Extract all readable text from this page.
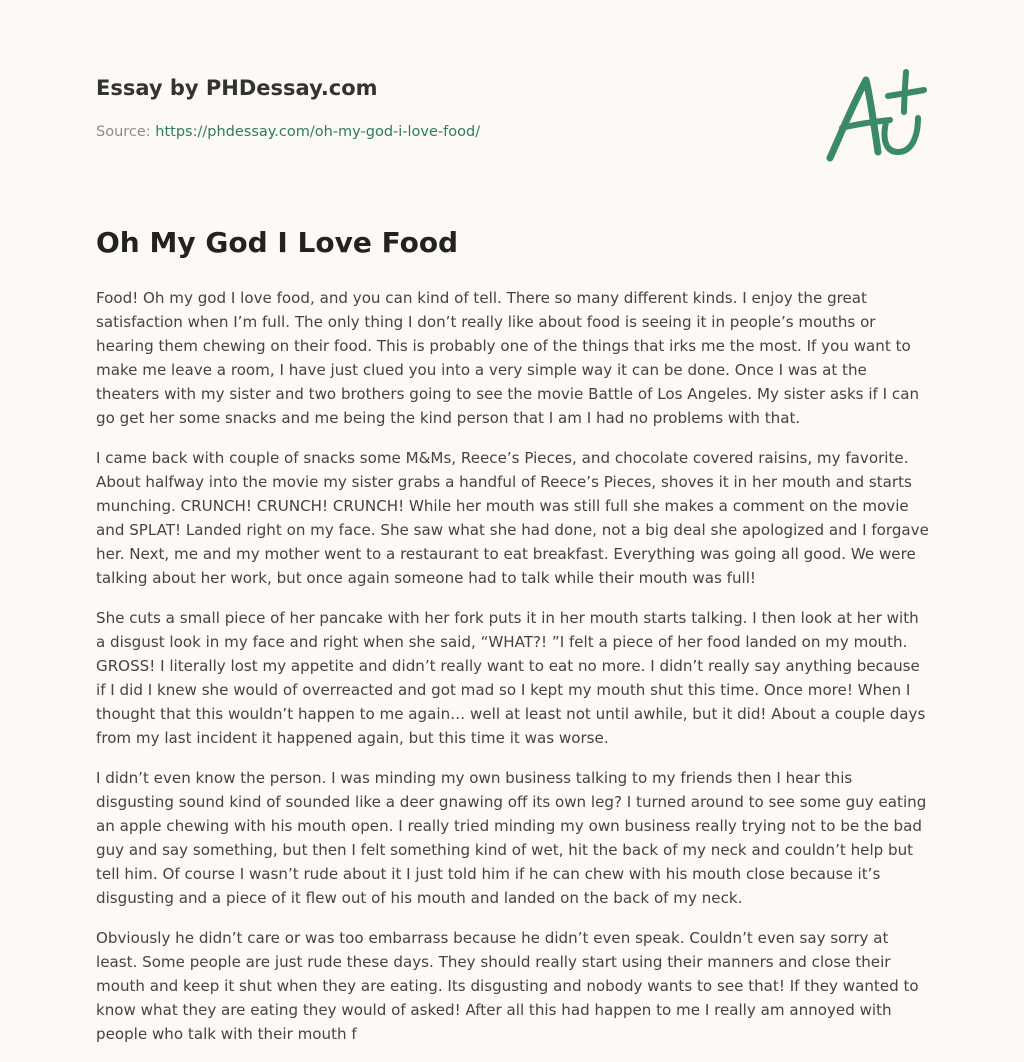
Essay by PHDessay.com
Source: https://phdessay.com/oh-my-god-i-love-food/
Oh My God I Love Food

Food! Oh my god I love food, and you can kind of tell. There so many different kinds. I enjoy the great satisfaction when I’m full. The only thing I don’t really like about food is seeing it in people’s mouths or hearing them chewing on their food. This is probably one of the things that irks me the most. If you want to make me leave a room, I have just clued you into a very simple way it can be done. Once I was at the theaters with my sister and two brothers going to see the movie Battle of Los Angeles. My sister asks if I can go get her some snacks and me being the kind person that I am I had no problems with that.

I came back with couple of snacks some M&Ms, Reece’s Pieces, and chocolate covered raisins, my favorite. About halfway into the movie my sister grabs a handful of Reece’s Pieces, shoves it in her mouth and starts munching. CRUNCH! CRUNCH! CRUNCH! While her mouth was still full she makes a comment on the movie and SPLAT! Landed right on my face. She saw what she had done, not a big deal she apologized and I forgave her. Next, me and my mother went to a restaurant to eat breakfast. Everything was going all good. We were talking about her work, but once again someone had to talk while their mouth was full!

She cuts a small piece of her pancake with her fork puts it in her mouth starts talking. I then look at her with a disgust look in my face and right when she said, “WHAT?! ”I felt a piece of her food landed on my mouth. GROSS! I literally lost my appetite and didn’t really want to eat no more. I didn’t really say anything because if I did I knew she would of overreacted and got mad so I kept my mouth shut this time. Once more! When I thought that this wouldn’t happen to me again… well at least not until awhile, but it did! About a couple days from my last incident it happened again, but this time it was worse.

I didn’t even know the person. I was minding my own business talking to my friends then I hear this disgusting sound kind of sounded like a deer gnawing off its own leg? I turned around to see some guy eating an apple chewing with his mouth open. I really tried minding my own business really trying not to be the bad guy and say something, but then I felt something kind of wet, hit the back of my neck and couldn’t help but tell him. Of course I wasn’t rude about it I just told him if he can chew with his mouth close because it’s disgusting and a piece of it flew out of his mouth and landed on the back of my neck.

Obviously he didn’t care or was too embarrass because he didn’t even speak. Couldn’t even say sorry at least. Some people are just rude these days. They should really start using their manners and close their mouth and keep it shut when they are eating. Its disgusting and nobody wants to see that! If they wanted to know what they are eating they would of asked! After all this had happen to me I really am annoyed with people who talk with their mouth f
